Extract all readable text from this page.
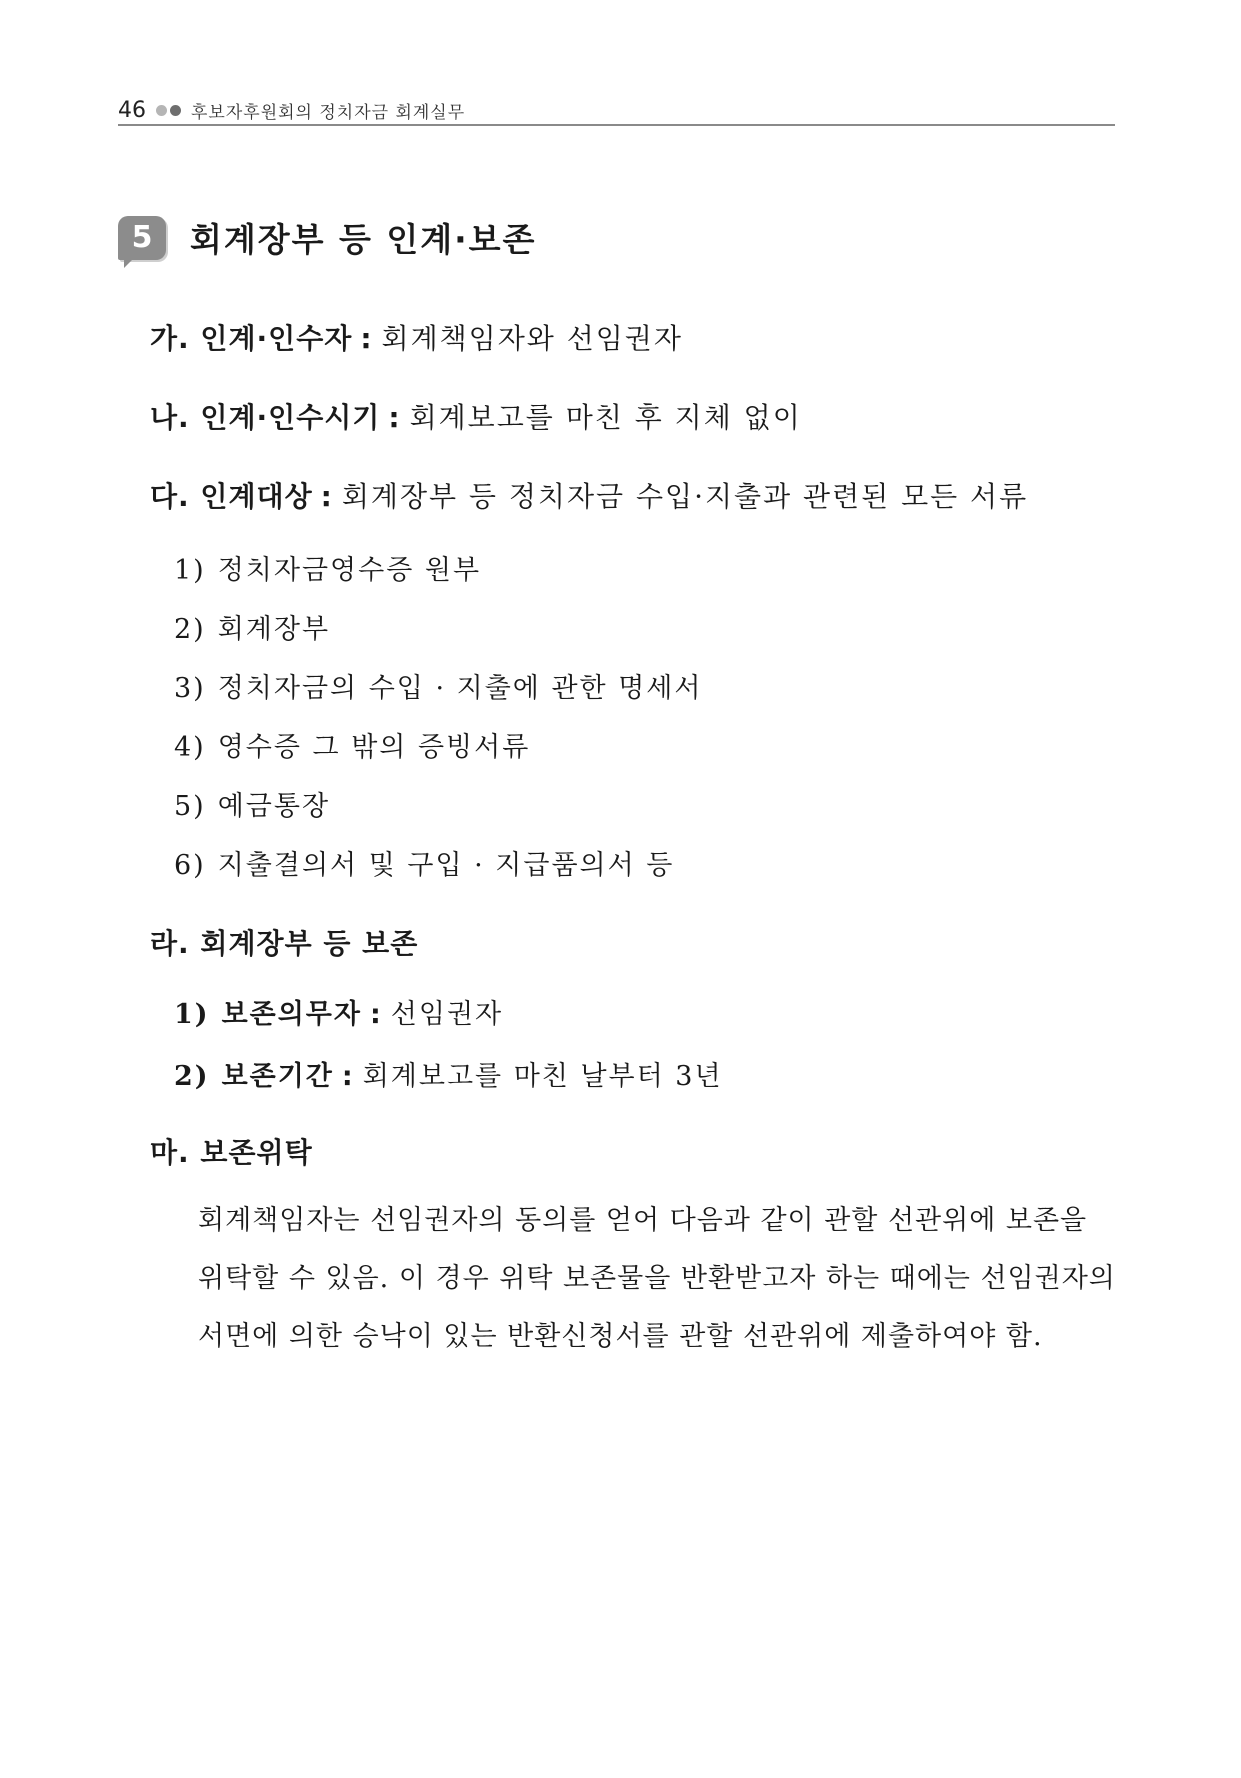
46	후보자후원회의 정치자금 회계실무
5 회계장부 등 인계·보존
가. 인계·인수자 : 회계책임자와 선임권자
나. 인계·인수시기 : 회계보고를 마친 후 지체 없이
다. 인계대상 : 회계장부 등 정치자금 수입·지출과 관련된 모든 서류
1) 정치자금영수증 원부
2) 회계장부
3) 정치자금의 수입 · 지출에 관한 명세서
4) 영수증 그 밖의 증빙서류
5) 예금통장
6) 지출결의서 및 구입 · 지급품의서 등
라. 회계장부 등 보존
1) 보존의무자 : 선임권자
2) 보존기간 : 회계보고를 마친 날부터 3년
마. 보존위탁
회계책임자는 선임권자의 동의를 얻어 다음과 같이 관할 선관위에 보존을 위탁할 수 있음. 이 경우 위탁 보존물을 반환받고자 하는 때에는 선임권자의 서면에 의한 승낙이 있는 반환신청서를 관할 선관위에 제출하여야 함.
